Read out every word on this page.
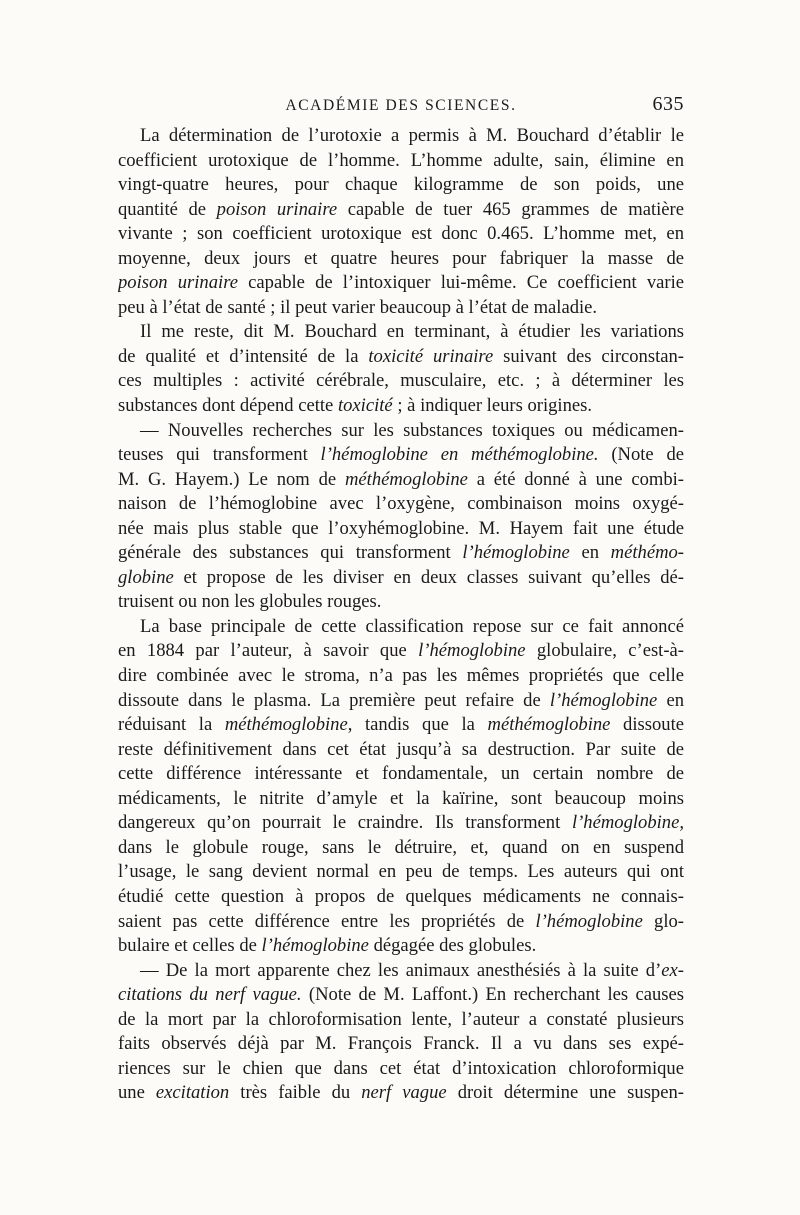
ACADÉMIE DES SCIENCES.	635
La détermination de l’urotoxie a permis à M. Bouchard d’établir le
coefficient urotoxique de l’homme. L’homme adulte, sain, élimine en
vingt-quatre heures, pour chaque kilogramme de son poids, une
quantité de poison urinaire capable de tuer 465 grammes de matière
vivante ; son coefficient urotoxique est donc 0.465. L’homme met, en
moyenne, deux jours et quatre heures pour fabriquer la masse de
poison urinaire capable de l’intoxiquer lui-même. Ce coefficient varie
peu à l’état de santé ; il peut varier beaucoup à l’état de maladie.
Il me reste, dit M. Bouchard en terminant, à étudier les variations
de qualité et d’intensité de la toxicité urinaire suivant des circonstan-
ces multiples : activité cérébrale, musculaire, etc. ; à déterminer les
substances dont dépend cette toxicité ; à indiquer leurs origines.
— Nouvelles recherches sur les substances toxiques ou médicamen-
teuses qui transforment l’hémoglobine en méthémoglobine. (Note de
M. G. Hayem.) Le nom de méthémoglobine a été donné à une combi-
naison de l’hémoglobine avec l’oxygène, combinaison moins oxygé-
née mais plus stable que l’oxyhémoglobine. M. Hayem fait une étude
générale des substances qui transforment l’hémoglobine en méthémo-
globine et propose de les diviser en deux classes suivant qu’elles dé-
truisent ou non les globules rouges.
La base principale de cette classification repose sur ce fait annoncé
en 1884 par l’auteur, à savoir que l’hémoglobine globulaire, c’est-à-
dire combinée avec le stroma, n’a pas les mêmes propriétés que celle
dissoute dans le plasma. La première peut refaire de l’hémoglobine en
réduisant la méthémoglobine, tandis que la méthémoglobine dissoute
reste définitivement dans cet état jusqu’à sa destruction. Par suite de
cette différence intéressante et fondamentale, un certain nombre de
médicaments, le nitrite d’amyle et la kaïrine, sont beaucoup moins
dangereux qu’on pourrait le craindre. Ils transforment l’hémoglobine,
dans le globule rouge, sans le détruire, et, quand on en suspend
l’usage, le sang devient normal en peu de temps. Les auteurs qui ont
étudié cette question à propos de quelques médicaments ne connais-
saient pas cette différence entre les propriétés de l’hémoglobine glo-
bulaire et celles de l’hémoglobine dégagée des globules.
— De la mort apparente chez les animaux anesthésiés à la suite d’ex-
citations du nerf vague. (Note de M. Laffont.) En recherchant les causes
de la mort par la chloroformisation lente, l’auteur a constaté plusieurs
faits observés déjà par M. François Franck. Il a vu dans ses expé-
riences sur le chien que dans cet état d’intoxication chloroformique
une excitation très faible du nerf vague droit détermine une suspen-
